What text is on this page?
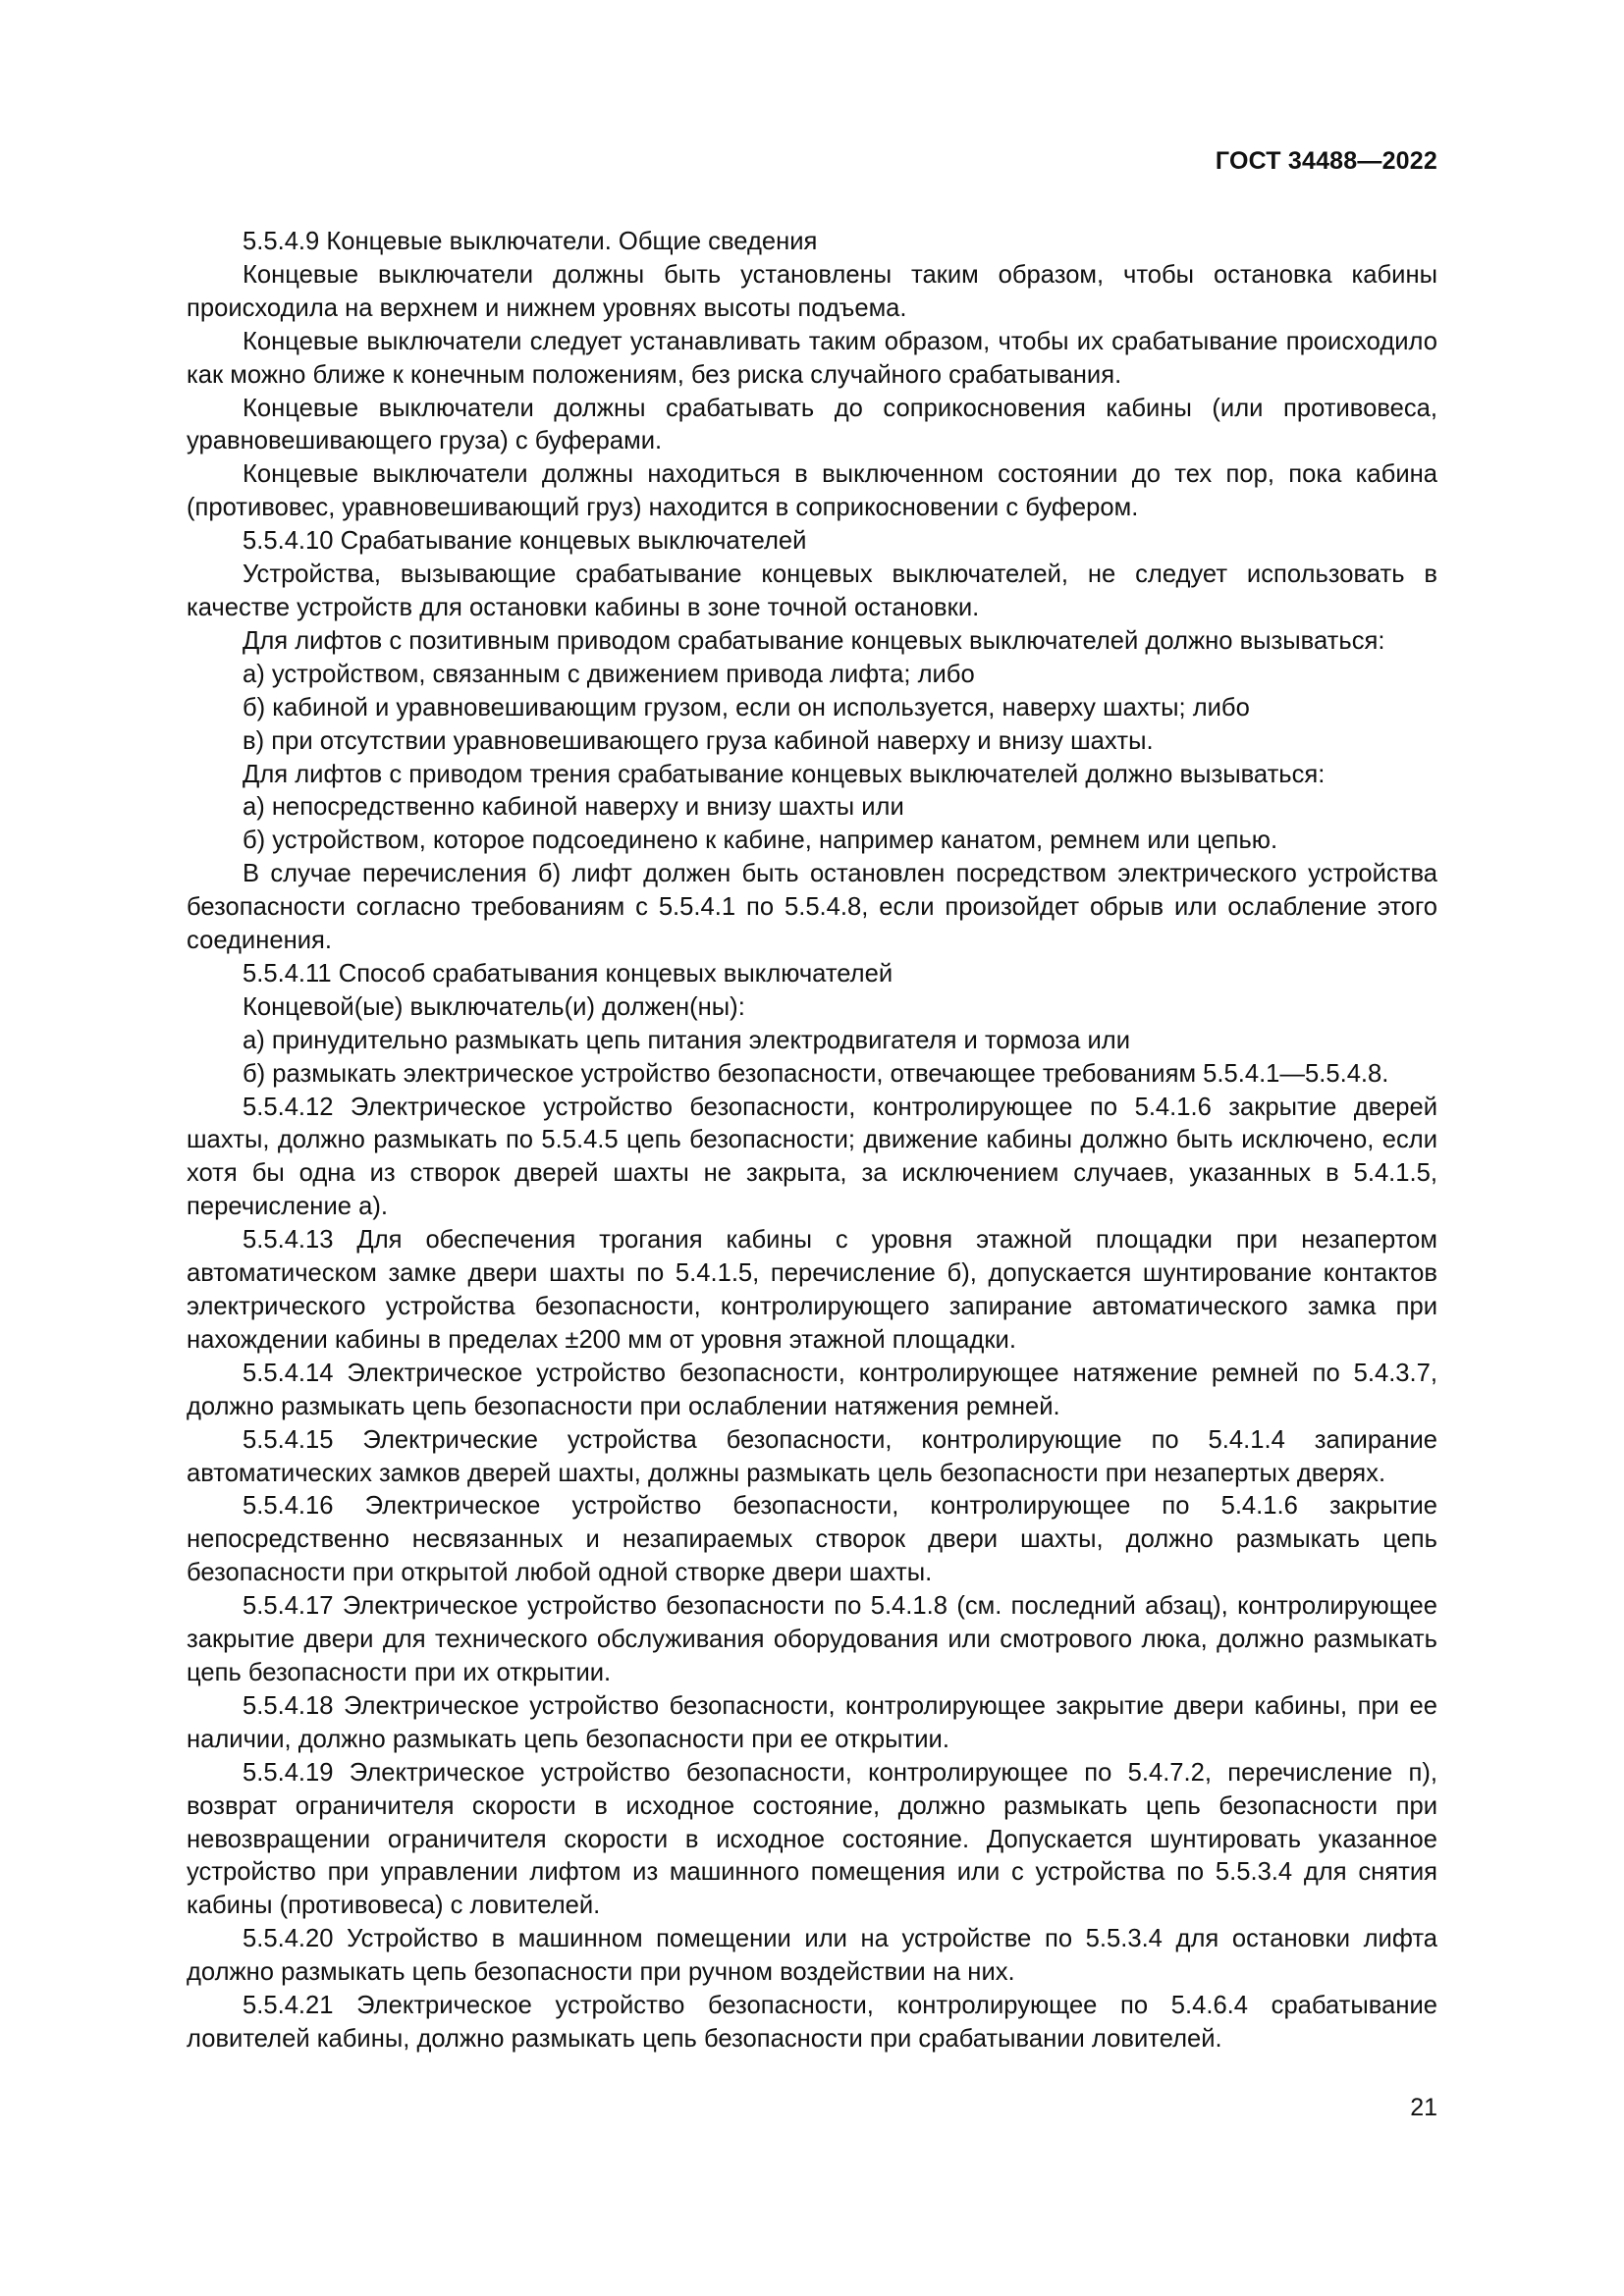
ГОСТ 34488—2022

5.5.4.9 Концевые выключатели. Общие сведения

Концевые выключатели должны быть установлены таким образом, чтобы остановка кабины происходила на верхнем и нижнем уровнях высоты подъема.

Концевые выключатели следует устанавливать таким образом, чтобы их срабатывание происходило как можно ближе к конечным положениям, без риска случайного срабатывания.

Концевые выключатели должны срабатывать до соприкосновения кабины (или противовеса, уравновешивающего груза) с буферами.

Концевые выключатели должны находиться в выключенном состоянии до тех пор, пока кабина (противовес, уравновешивающий груз) находится в соприкосновении с буфером.

5.5.4.10 Срабатывание концевых выключателей

Устройства, вызывающие срабатывание концевых выключателей, не следует использовать в качестве устройств для остановки кабины в зоне точной остановки.

Для лифтов с позитивным приводом срабатывание концевых выключателей должно вызываться:

а) устройством, связанным с движением привода лифта; либо

б) кабиной и уравновешивающим грузом, если он используется, наверху шахты; либо

в) при отсутствии уравновешивающего груза кабиной наверху и внизу шахты.

Для лифтов с приводом трения срабатывание концевых выключателей должно вызываться:

а) непосредственно кабиной наверху и внизу шахты или

б) устройством, которое подсоединено к кабине, например канатом, ремнем или цепью.

В случае перечисления б) лифт должен быть остановлен посредством электрического устройства безопасности согласно требованиям с 5.5.4.1 по 5.5.4.8, если произойдет обрыв или ослабление этого соединения.

5.5.4.11 Способ срабатывания концевых выключателей

Концевой(ые) выключатель(и) должен(ны):

а) принудительно размыкать цепь питания электродвигателя и тормоза или

б) размыкать электрическое устройство безопасности, отвечающее требованиям 5.5.4.1—5.5.4.8.

5.5.4.12 Электрическое устройство безопасности, контролирующее по 5.4.1.6 закрытие дверей шахты, должно размыкать по 5.5.4.5 цепь безопасности; движение кабины должно быть исключено, если хотя бы одна из створок дверей шахты не закрыта, за исключением случаев, указанных в 5.4.1.5, перечисление а).

5.5.4.13 Для обеспечения трогания кабины с уровня этажной площадки при незапертом автоматическом замке двери шахты по 5.4.1.5, перечисление б), допускается шунтирование контактов электрического устройства безопасности, контролирующего запирание автоматического замка при нахождении кабины в пределах ±200 мм от уровня этажной площадки.

5.5.4.14 Электрическое устройство безопасности, контролирующее натяжение ремней по 5.4.3.7, должно размыкать цепь безопасности при ослаблении натяжения ремней.

5.5.4.15 Электрические устройства безопасности, контролирующие по 5.4.1.4 запирание автоматических замков дверей шахты, должны размыкать цель безопасности при незапертых дверях.

5.5.4.16 Электрическое устройство безопасности, контролирующее по 5.4.1.6 закрытие непосредственно несвязанных и незапираемых створок двери шахты, должно размыкать цепь безопасности при открытой любой одной створке двери шахты.

5.5.4.17 Электрическое устройство безопасности по 5.4.1.8 (см. последний абзац), контролирующее закрытие двери для технического обслуживания оборудования или смотрового люка, должно размыкать цепь безопасности при их открытии.

5.5.4.18 Электрическое устройство безопасности, контролирующее закрытие двери кабины, при ее наличии, должно размыкать цепь безопасности при ее открытии.

5.5.4.19 Электрическое устройство безопасности, контролирующее по 5.4.7.2, перечисление п), возврат ограничителя скорости в исходное состояние, должно размыкать цепь безопасности при невозвращении ограничителя скорости в исходное состояние. Допускается шунтировать указанное устройство при управлении лифтом из машинного помещения или с устройства по 5.5.3.4 для снятия кабины (противовеса) с ловителей.

5.5.4.20 Устройство в машинном помещении или на устройстве по 5.5.3.4 для остановки лифта должно размыкать цепь безопасности при ручном воздействии на них.

5.5.4.21 Электрическое устройство безопасности, контролирующее по 5.4.6.4 срабатывание ловителей кабины, должно размыкать цепь безопасности при срабатывании ловителей.

21
